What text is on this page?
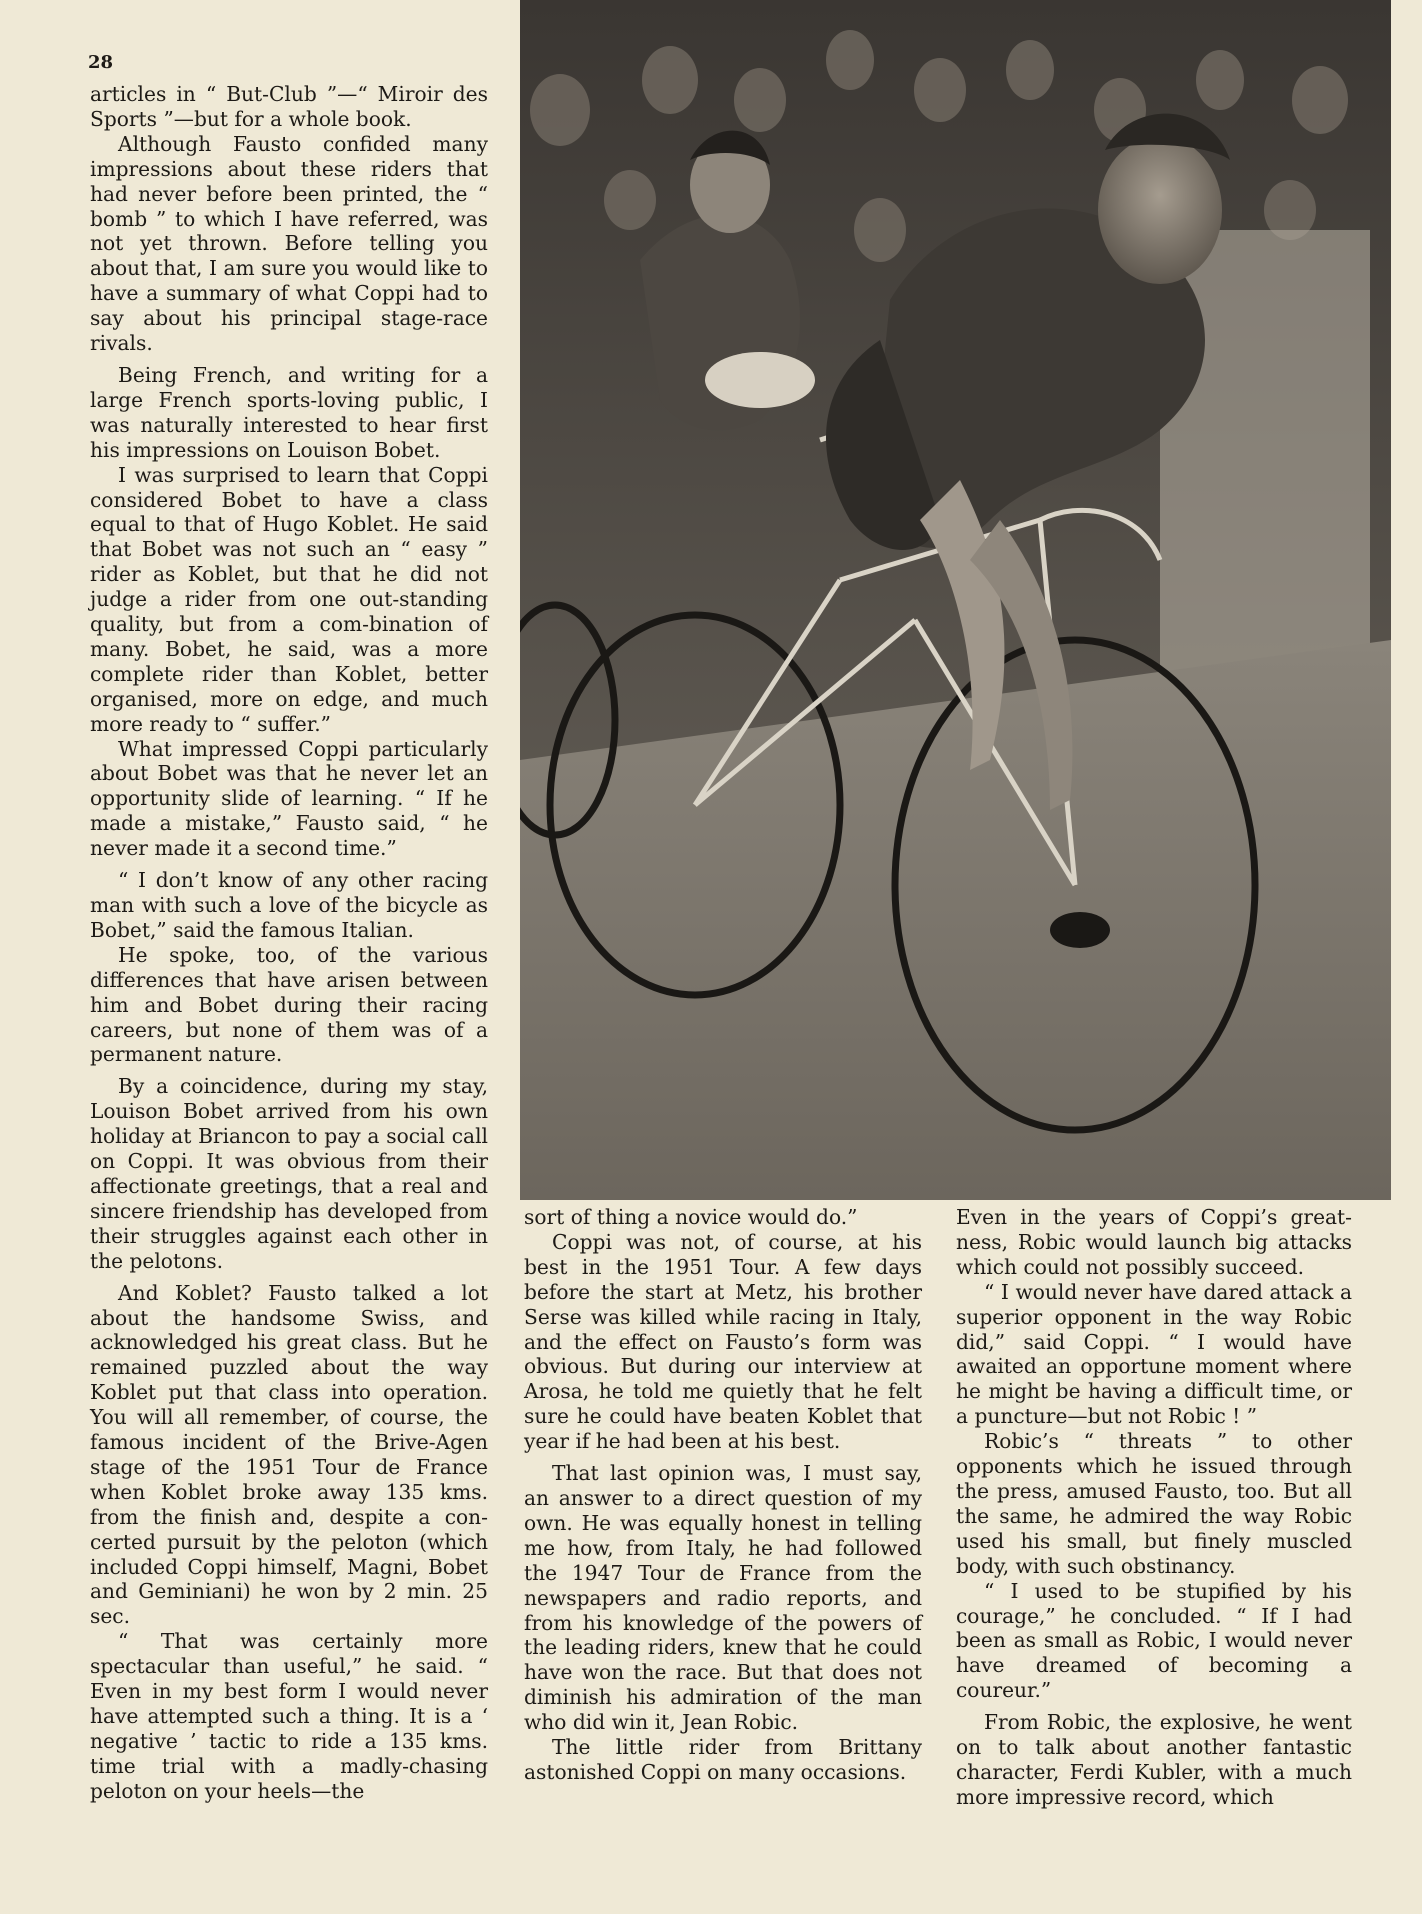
28

articles in “ But-Club ”—“ Miroir des Sports ”—but for a whole book.

Although Fausto confided many impressions about these riders that had never before been printed, the “ bomb ” to which I have referred, was not yet thrown. Before telling you about that, I am sure you would like to have a summary of what Coppi had to say about his principal stage-race rivals.

Being French, and writing for a large French sports-loving public, I was naturally interested to hear first his impressions on Louison Bobet.

I was surprised to learn that Coppi considered Bobet to have a class equal to that of Hugo Koblet. He said that Bobet was not such an “ easy ” rider as Koblet, but that he did not judge a rider from one out-standing quality, but from a com-bination of many. Bobet, he said, was a more complete rider than Koblet, better organised, more on edge, and much more ready to “ suffer.”

What impressed Coppi particularly about Bobet was that he never let an opportunity slide of learning. “ If he made a mistake,” Fausto said, “ he never made it a second time.”

“ I don’t know of any other racing man with such a love of the bicycle as Bobet,” said the famous Italian.

He spoke, too, of the various differences that have arisen between him and Bobet during their racing careers, but none of them was of a permanent nature.

By a coincidence, during my stay, Louison Bobet arrived from his own holiday at Briancon to pay a social call on Coppi. It was obvious from their affectionate greetings, that a real and sincere friendship has developed from their struggles against each other in the pelotons.

And Koblet? Fausto talked a lot about the handsome Swiss, and acknowledged his great class. But he remained puzzled about the way Koblet put that class into operation. You will all remember, of course, the famous incident of the Brive-Agen stage of the 1951 Tour de France when Koblet broke away 135 kms. from the finish and, despite a con-certed pursuit by the peloton (which included Coppi himself, Magni, Bobet and Geminiani) he won by 2 min. 25 sec.

“ That was certainly more spectacular than useful,” he said. “ Even in my best form I would never have attempted such a thing. It is a ‘ negative ’ tactic to ride a 135 kms. time trial with a madly-chasing peloton on your heels—the

sort of thing a novice would do.”

Coppi was not, of course, at his best in the 1951 Tour. A few days before the start at Metz, his brother Serse was killed while racing in Italy, and the effect on Fausto’s form was obvious. But during our interview at Arosa, he told me quietly that he felt sure he could have beaten Koblet that year if he had been at his best.

That last opinion was, I must say, an answer to a direct question of my own. He was equally honest in telling me how, from Italy, he had followed the 1947 Tour de France from the newspapers and radio reports, and from his knowledge of the powers of the leading riders, knew that he could have won the race. But that does not diminish his admiration of the man who did win it, Jean Robic.

The little rider from Brittany astonished Coppi on many occasions.

Even in the years of Coppi’s great-ness, Robic would launch big attacks which could not possibly succeed.

“ I would never have dared attack a superior opponent in the way Robic did,” said Coppi. “ I would have awaited an opportune moment where he might be having a difficult time, or a puncture—but not Robic ! ”

Robic’s “ threats ” to other opponents which he issued through the press, amused Fausto, too. But all the same, he admired the way Robic used his small, but finely muscled body, with such obstinancy.

“ I used to be stupified by his courage,” he concluded. “ If I had been as small as Robic, I would never have dreamed of becoming a coureur.”

From Robic, the explosive, he went on to talk about another fantastic character, Ferdi Kubler, with a much more impressive record, which
